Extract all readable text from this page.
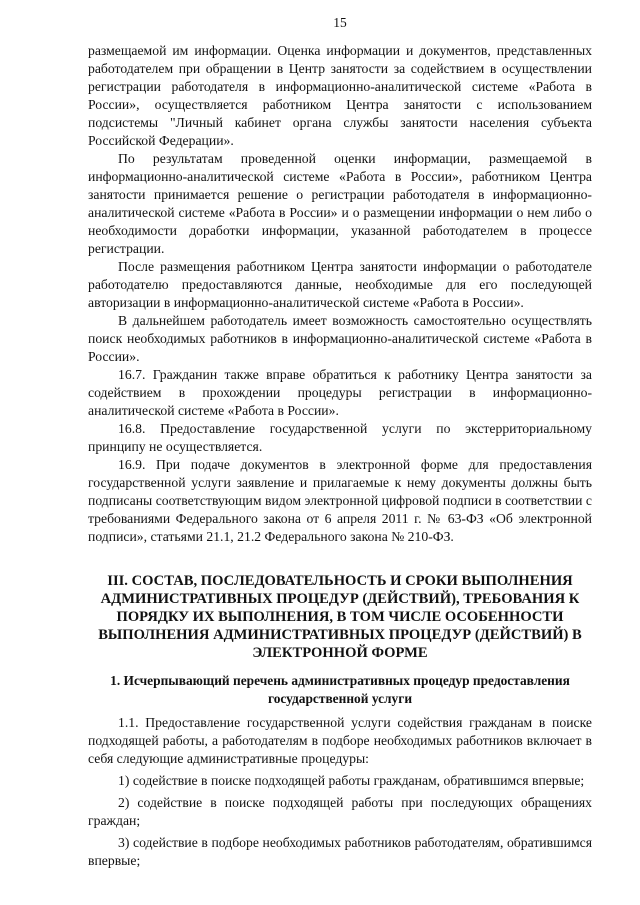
15

размещаемой им информации. Оценка информации и документов, представленных работодателем при обращении в Центр занятости за содействием в осуществлении регистрации работодателя в информационно-аналитической системе «Работа в России», осуществляется работником Центра занятости с использованием подсистемы "Личный кабинет органа службы занятости населения субъекта Российской Федерации».

По результатам проведенной оценки информации, размещаемой в информационно-аналитической системе «Работа в России», работником Центра занятости принимается решение о регистрации работодателя в информационно-аналитической системе «Работа в России» и о размещении информации о нем либо о необходимости доработки информации, указанной работодателем в процессе регистрации.

После размещения работником Центра занятости информации о работодателе работодателю предоставляются данные, необходимые для его последующей авторизации в информационно-аналитической системе «Работа в России».

В дальнейшем работодатель имеет возможность самостоятельно осуществлять поиск необходимых работников в информационно-аналитической системе «Работа в России».

16.7. Гражданин также вправе обратиться к работнику Центра занятости за содействием в прохождении процедуры регистрации в информационно-аналитической системе «Работа в России».

16.8. Предоставление государственной услуги по экстерриториальному принципу не осуществляется.

16.9. При подаче документов в электронной форме для предоставления государственной услуги заявление и прилагаемые к нему документы должны быть подписаны соответствующим видом электронной цифровой подписи в соответствии с требованиями Федерального закона от 6 апреля 2011 г. № 63-ФЗ «Об электронной подписи», статьями 21.1, 21.2 Федерального закона № 210-ФЗ.

III. СОСТАВ, ПОСЛЕДОВАТЕЛЬНОСТЬ И СРОКИ ВЫПОЛНЕНИЯ АДМИНИСТРАТИВНЫХ ПРОЦЕДУР (ДЕЙСТВИЙ), ТРЕБОВАНИЯ К ПОРЯДКУ ИХ ВЫПОЛНЕНИЯ, В ТОМ ЧИСЛЕ ОСОБЕННОСТИ ВЫПОЛНЕНИЯ АДМИНИСТРАТИВНЫХ ПРОЦЕДУР (ДЕЙСТВИЙ) В ЭЛЕКТРОННОЙ ФОРМЕ
1. Исчерпывающий перечень административных процедур предоставления государственной услуги

1.1. Предоставление государственной услуги содействия гражданам в поиске подходящей работы, а работодателям в подборе необходимых работников включает в себя следующие административные процедуры:

1) содействие в поиске подходящей работы гражданам, обратившимся впервые;

2) содействие в поиске подходящей работы при последующих обращениях граждан;

3) содействие в подборе необходимых работников работодателям, обратившимся впервые;
